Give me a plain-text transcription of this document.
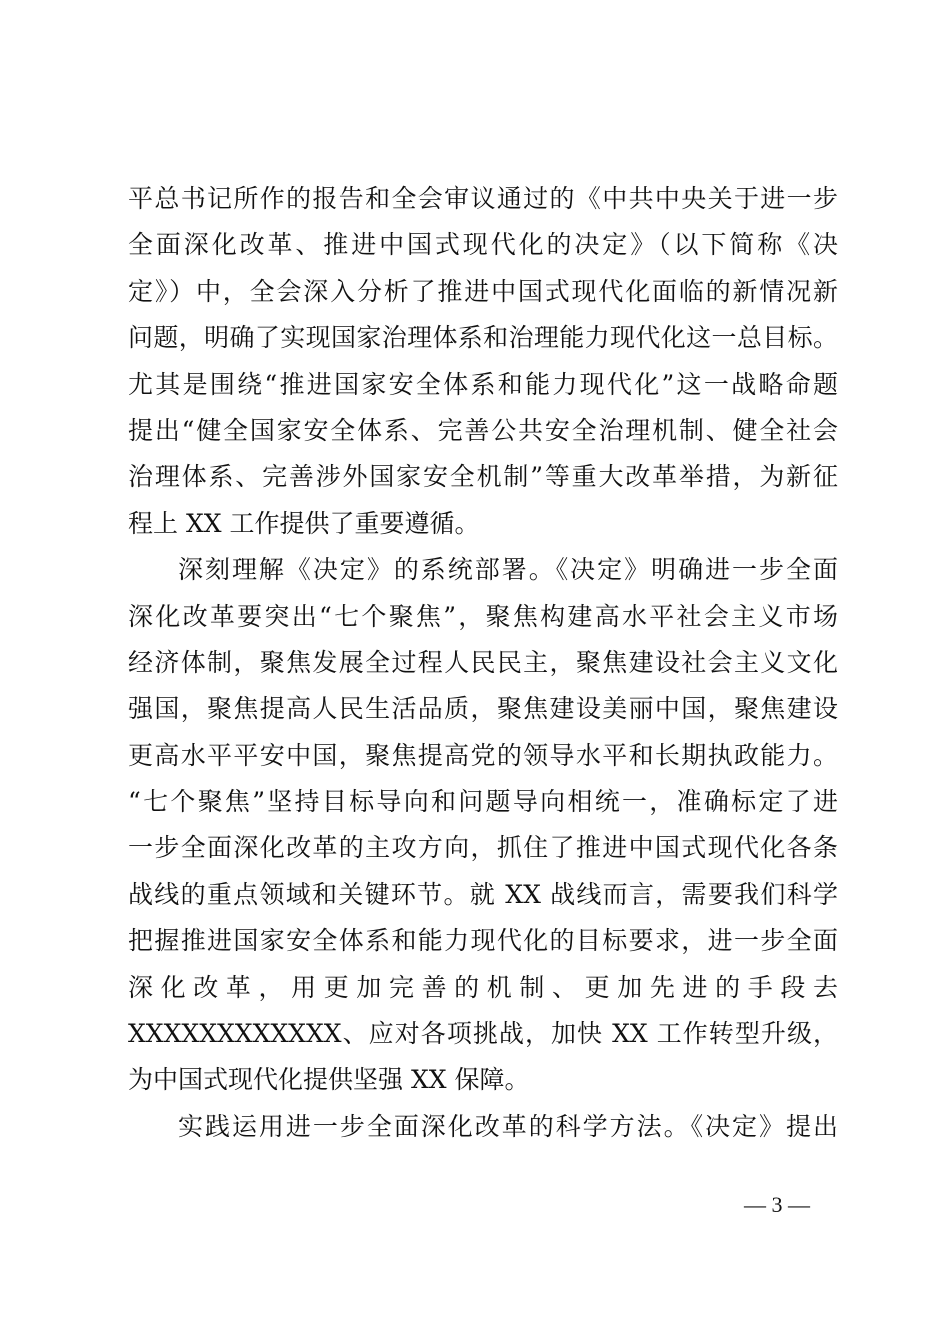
平总书记所作的报告和全会审议通过的《中共中央关于进一步
全面深化改革、推进中国式现代化的决定》（以下简称《决
定》）中，全会深入分析了推进中国式现代化面临的新情况新
问题，明确了实现国家治理体系和治理能力现代化这一总目标。
尤其是围绕“推进国家安全体系和能力现代化”这一战略命题
提出“健全国家安全体系、完善公共安全治理机制、健全社会
治理体系、完善涉外国家安全机制”等重大改革举措，为新征
程上 XX 工作提供了重要遵循。
深刻理解《决定》的系统部署。《决定》明确进一步全面
深化改革要突出“七个聚焦”，聚焦构建高水平社会主义市场
经济体制，聚焦发展全过程人民民主，聚焦建设社会主义文化
强国，聚焦提高人民生活品质，聚焦建设美丽中国，聚焦建设
更高水平平安中国，聚焦提高党的领导水平和长期执政能力。
“七个聚焦”坚持目标导向和问题导向相统一，准确标定了进
一步全面深化改革的主攻方向，抓住了推进中国式现代化各条
战线的重点领域和关键环节。就 XX 战线而言，需要我们科学
把握推进国家安全体系和能力现代化的目标要求，进一步全面
深化改革，用更加完善的机制、更加先进的手段去
XXXXXXXXXXXX、应对各项挑战，加快 XX 工作转型升级，
为中国式现代化提供坚强 XX 保障。
实践运用进一步全面深化改革的科学方法。《决定》提出
— 3 —
